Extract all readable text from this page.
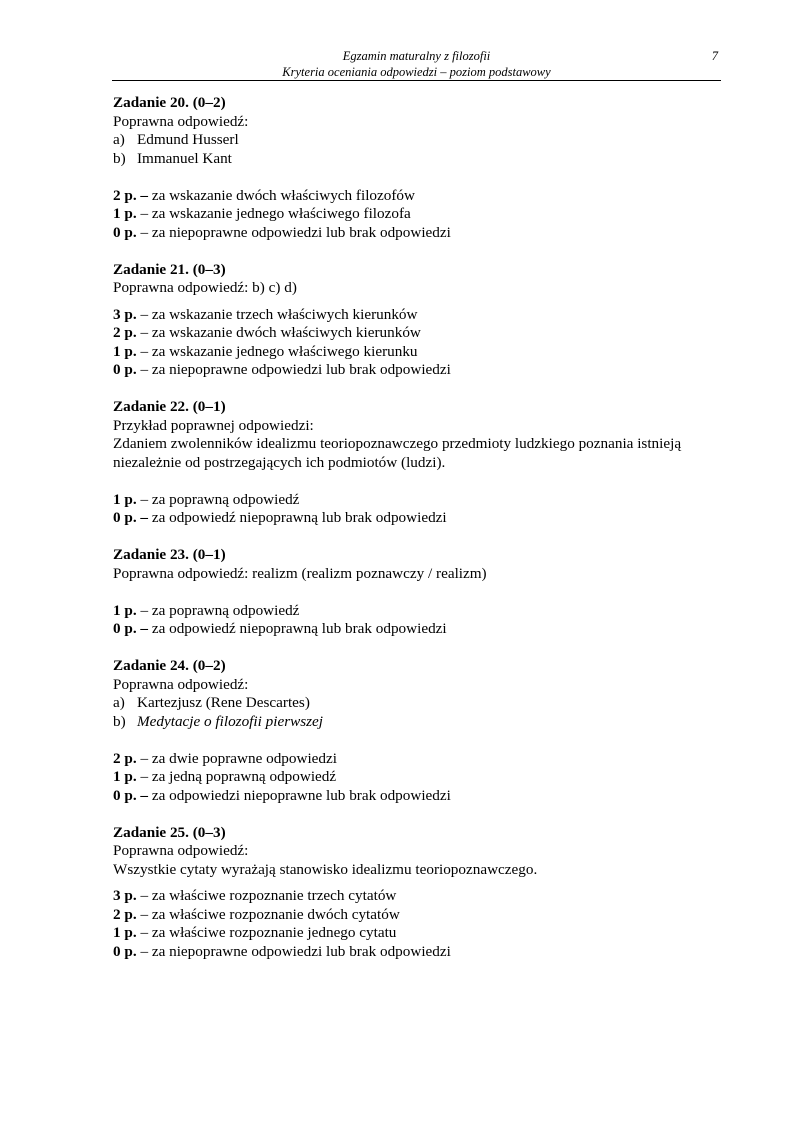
Egzamin maturalny z filozofii
Kryteria oceniania odpowiedzi – poziom podstawowy
7
Zadanie 20. (0–2)
Poprawna odpowiedź:
a) Edmund Husserl
b) Immanuel Kant
2 p. – za wskazanie dwóch właściwych filozofów
1 p. – za wskazanie jednego właściwego filozofa
0 p. – za niepoprawne odpowiedzi lub brak odpowiedzi
Zadanie 21. (0–3)
Poprawna odpowiedź: b) c) d)
3 p. – za wskazanie trzech właściwych kierunków
2 p. – za wskazanie dwóch właściwych kierunków
1 p. – za wskazanie jednego właściwego kierunku
0 p. – za niepoprawne odpowiedzi lub brak odpowiedzi
Zadanie 22. (0–1)
Przykład poprawnej odpowiedzi:
Zdaniem zwolenników idealizmu teoriopoznawczego przedmioty ludzkiego poznania istnieją niezależnie od postrzegających ich podmiotów (ludzi).
1 p. – za poprawną odpowiedź
0 p. – za odpowiedź niepoprawną lub brak odpowiedzi
Zadanie 23. (0–1)
Poprawna odpowiedź: realizm (realizm poznawczy / realizm)
1 p. – za poprawną odpowiedź
0 p. – za odpowiedź niepoprawną lub brak odpowiedzi
Zadanie 24. (0–2)
Poprawna odpowiedź:
a) Kartezjusz (Rene Descartes)
b) Medytacje o filozofii pierwszej
2 p. – za dwie poprawne odpowiedzi
1 p. – za jedną poprawną odpowiedź
0 p. – za odpowiedzi niepoprawne lub brak odpowiedzi
Zadanie 25. (0–3)
Poprawna odpowiedź:
Wszystkie cytaty wyrażają stanowisko idealizmu teoriopoznawczego.
3 p. – za właściwe rozpoznanie trzech cytatów
2 p. – za właściwe rozpoznanie dwóch cytatów
1 p. – za właściwe rozpoznanie jednego cytatu
0 p. – za niepoprawne odpowiedzi lub brak odpowiedzi
